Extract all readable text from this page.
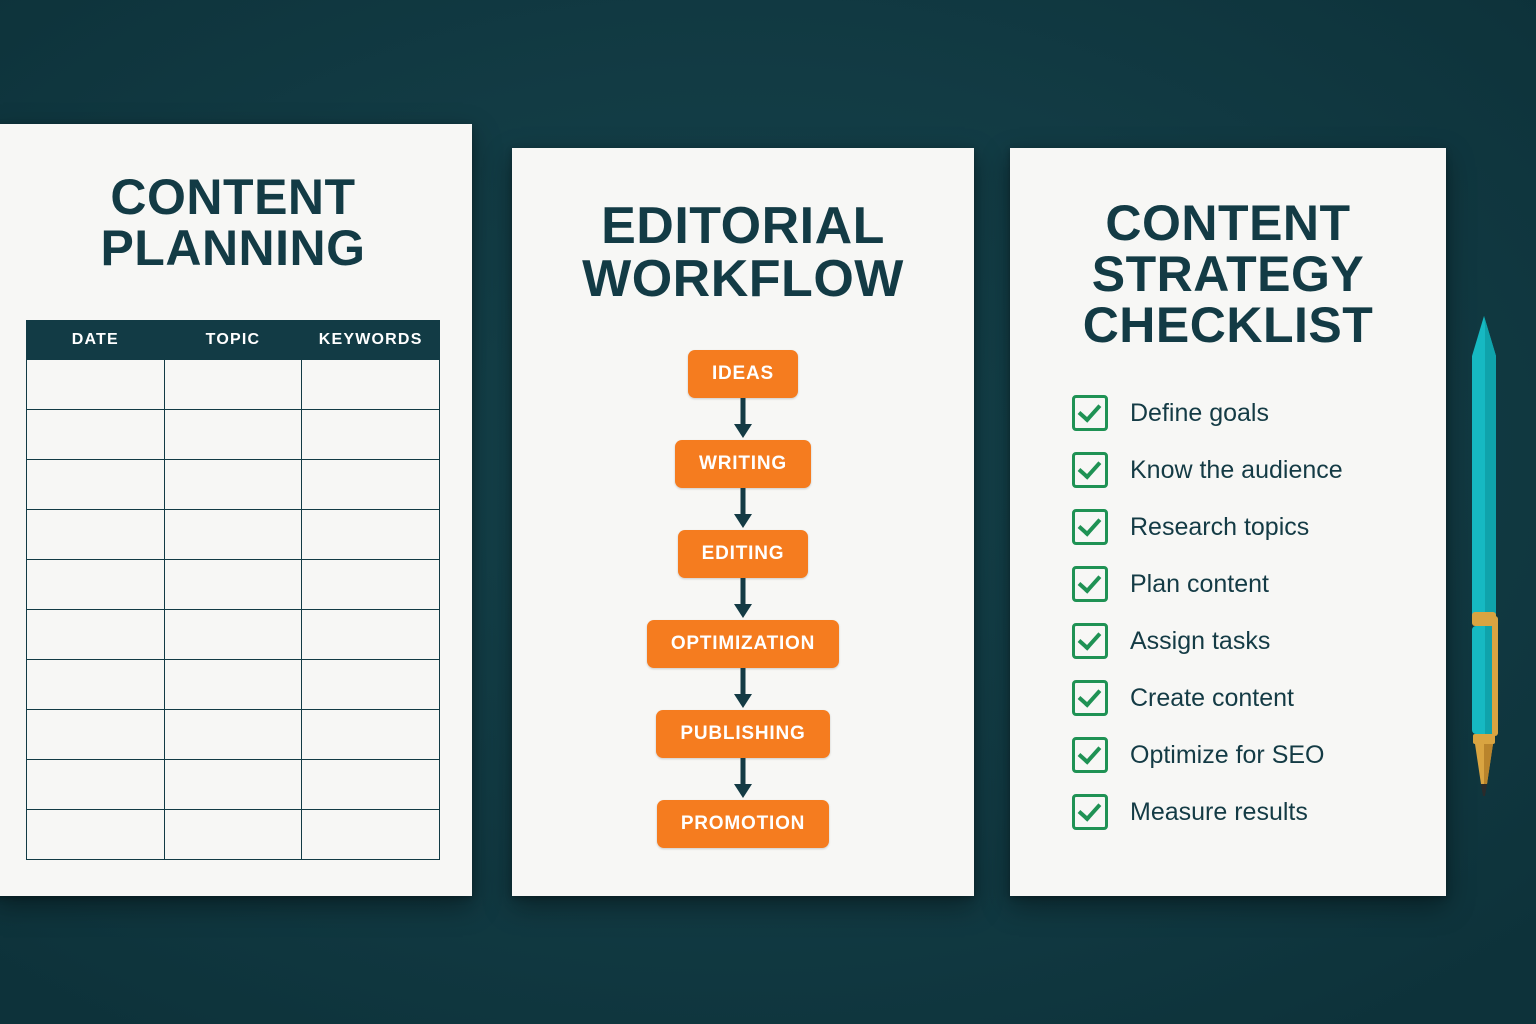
CONTENT PLANNING
DATE	TOPIC	KEYWORDS

EDITORIAL WORKFLOW
IDEAS
WRITING
EDITING
OPTIMIZATION
PUBLISHING
PROMOTION
CONTENT STRATEGY CHECKLIST
Define goals
Know the audience
Research topics
Plan content
Assign tasks
Create content
Optimize for SEO
Measure results
